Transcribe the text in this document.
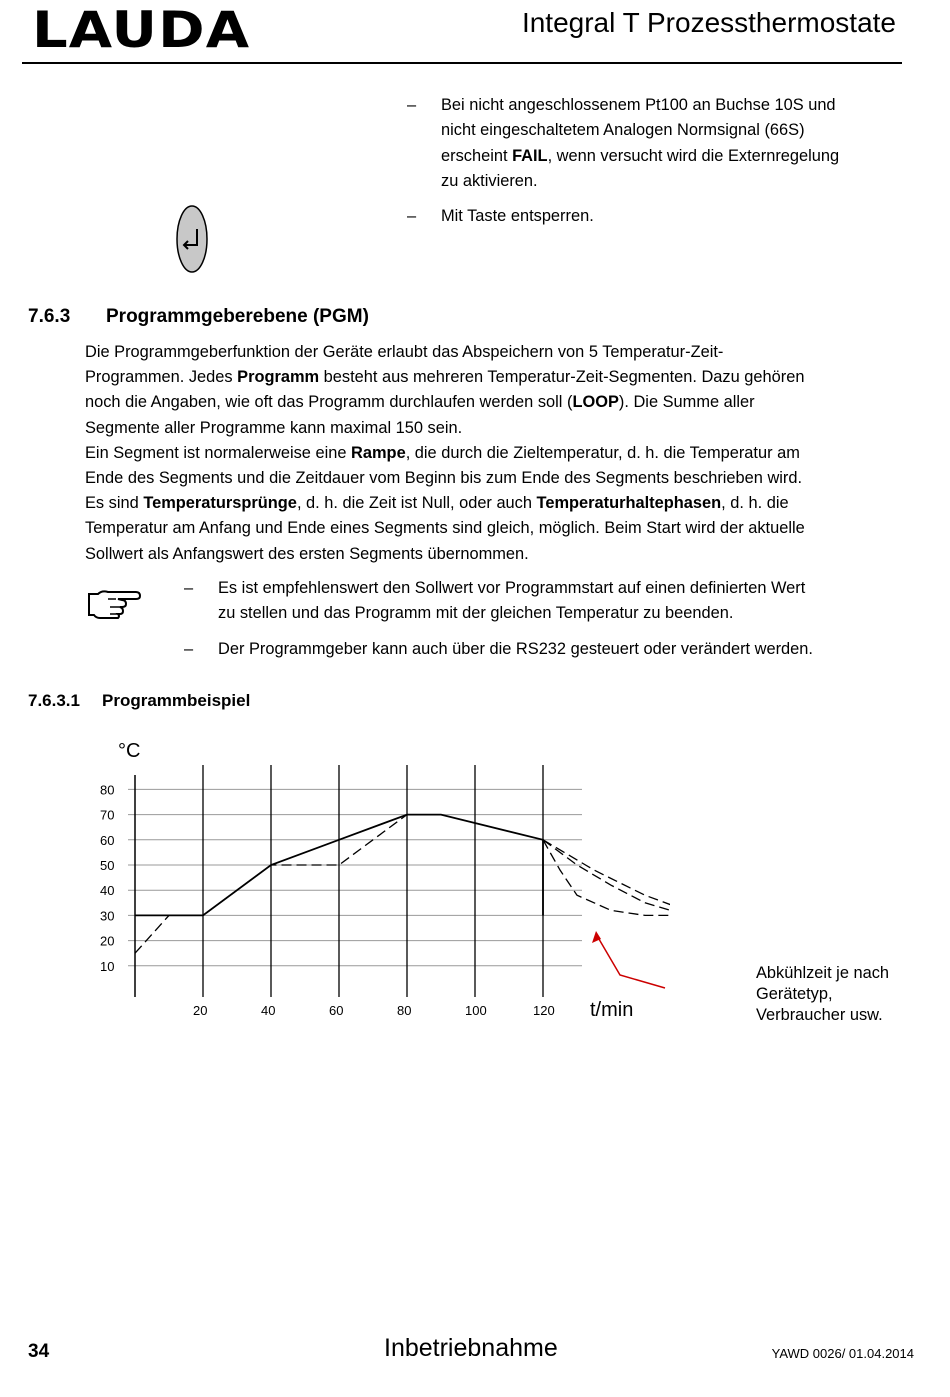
LAUDA	Integral T Prozessthermostate
– Bei nicht angeschlossenem Pt100 an Buchse 10S und
nicht eingeschaltetem Analogen Normsignal (66S)
erscheint FAIL, wenn versucht wird die Externregelung
zu aktivieren.
– Mit Taste entsperren.
7.6.3 Programmgeberebene (PGM)
Die Programmgeberfunktion der Geräte erlaubt das Abspeichern von 5 Temperatur-Zeit-
Programmen. Jedes Programm besteht aus mehreren Temperatur-Zeit-Segmenten. Dazu gehören
noch die Angaben, wie oft das Programm durchlaufen werden soll (LOOP). Die Summe aller
Segmente aller Programme kann maximal 150 sein.
Ein Segment ist normalerweise eine Rampe, die durch die Zieltemperatur, d. h. die Temperatur am
Ende des Segments und die Zeitdauer vom Beginn bis zum Ende des Segments beschrieben wird.
Es sind Temperatursprünge, d. h. die Zeit ist Null, oder auch Temperaturhaltephasen, d. h. die
Temperatur am Anfang und Ende eines Segments sind gleich, möglich. Beim Start wird der aktuelle
Sollwert als Anfangswert des ersten Segments übernommen.
– Es ist empfehlenswert den Sollwert vor Programmstart auf einen definierten Wert
zu stellen und das Programm mit der gleichen Temperatur zu beenden.
– Der Programmgeber kann auch über die RS232 gesteuert oder verändert werden.
7.6.3.1 Programmbeispiel
10
20
30
40
50
60
70
80
20	40	60	80	100	120
°C
t/min
Abkühlzeit je nach
Gerätetyp,
Verbraucher usw.
34	Inbetriebnahme	YAWD 0026/ 01.04.2014
